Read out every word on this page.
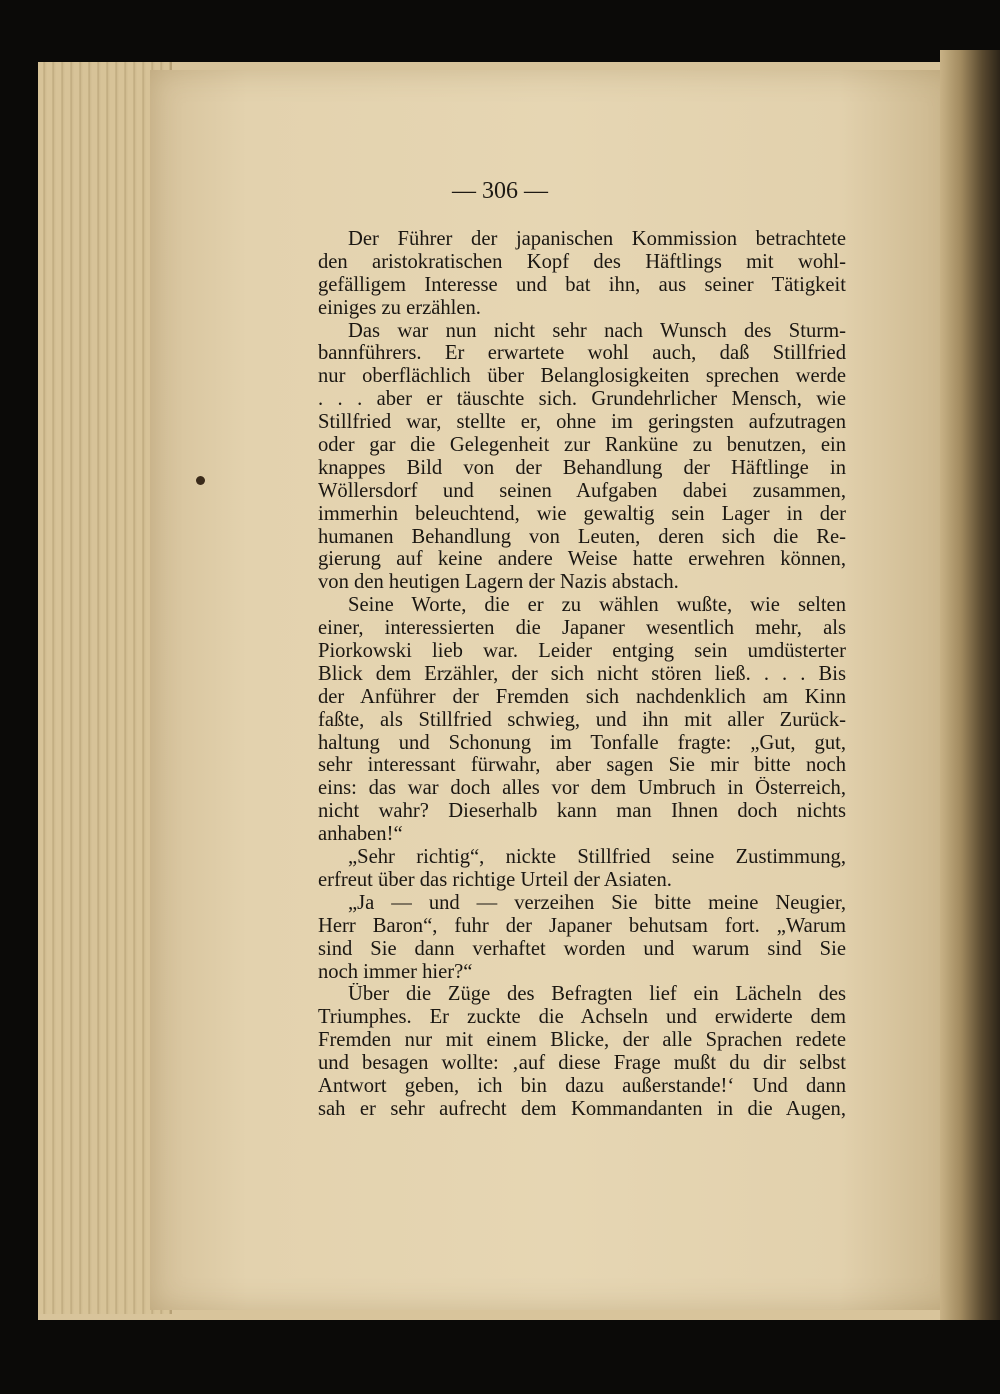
— 306 —
Der Führer der japanischen Kommission betrachtete
den aristokratischen Kopf des Häftlings mit wohl-
gefälligem Interesse und bat ihn, aus seiner Tätigkeit
einiges zu erzählen.
Das war nun nicht sehr nach Wunsch des Sturm-
bannführers. Er erwartete wohl auch, daß Stillfried
nur oberflächlich über Belanglosigkeiten sprechen werde
. . . aber er täuschte sich. Grundehrlicher Mensch, wie
Stillfried war, stellte er, ohne im geringsten aufzutragen
oder gar die Gelegenheit zur Ranküne zu benutzen, ein
knappes Bild von der Behandlung der Häftlinge in
Wöllersdorf und seinen Aufgaben dabei zusammen,
immerhin beleuchtend, wie gewaltig sein Lager in der
humanen Behandlung von Leuten, deren sich die Re-
gierung auf keine andere Weise hatte erwehren können,
von den heutigen Lagern der Nazis abstach.
Seine Worte, die er zu wählen wußte, wie selten
einer, interessierten die Japaner wesentlich mehr, als
Piorkowski lieb war. Leider entging sein umdüsterter
Blick dem Erzähler, der sich nicht stören ließ. . . . Bis
der Anführer der Fremden sich nachdenklich am Kinn
faßte, als Stillfried schwieg, und ihn mit aller Zurück-
haltung und Schonung im Tonfalle fragte: „Gut, gut,
sehr interessant fürwahr, aber sagen Sie mir bitte noch
eins: das war doch alles vor dem Umbruch in Österreich,
nicht wahr? Dieserhalb kann man Ihnen doch nichts
anhaben!“
„Sehr richtig“, nickte Stillfried seine Zustimmung,
erfreut über das richtige Urteil der Asiaten.
„Ja — und — verzeihen Sie bitte meine Neugier,
Herr Baron“, fuhr der Japaner behutsam fort. „Warum
sind Sie dann verhaftet worden und warum sind Sie
noch immer hier?“
Über die Züge des Befragten lief ein Lächeln des
Triumphes. Er zuckte die Achseln und erwiderte dem
Fremden nur mit einem Blicke, der alle Sprachen redete
und besagen wollte: ‚auf diese Frage mußt du dir selbst
Antwort geben, ich bin dazu außerstande!‘ Und dann
sah er sehr aufrecht dem Kommandanten in die Augen,
